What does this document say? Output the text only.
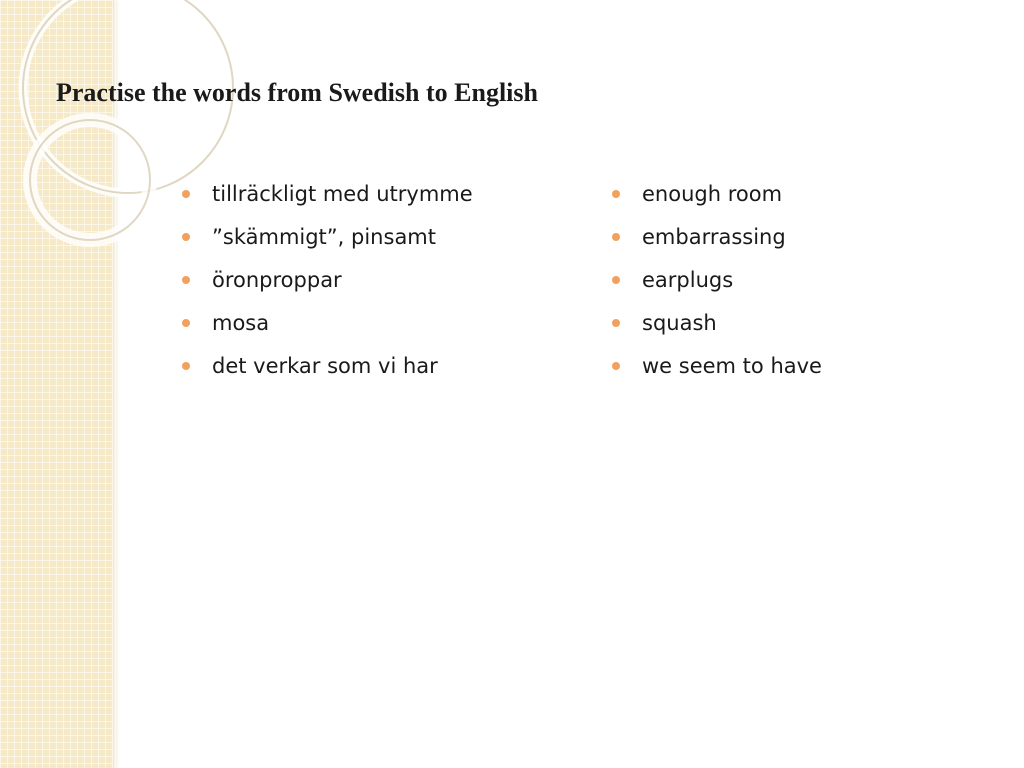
Practise the words from Swedish to English
tillräckligt med utrymme
”skämmigt”, pinsamt
öronproppar
mosa
det verkar som vi har
enough room
embarrassing
earplugs
squash
we seem to have
